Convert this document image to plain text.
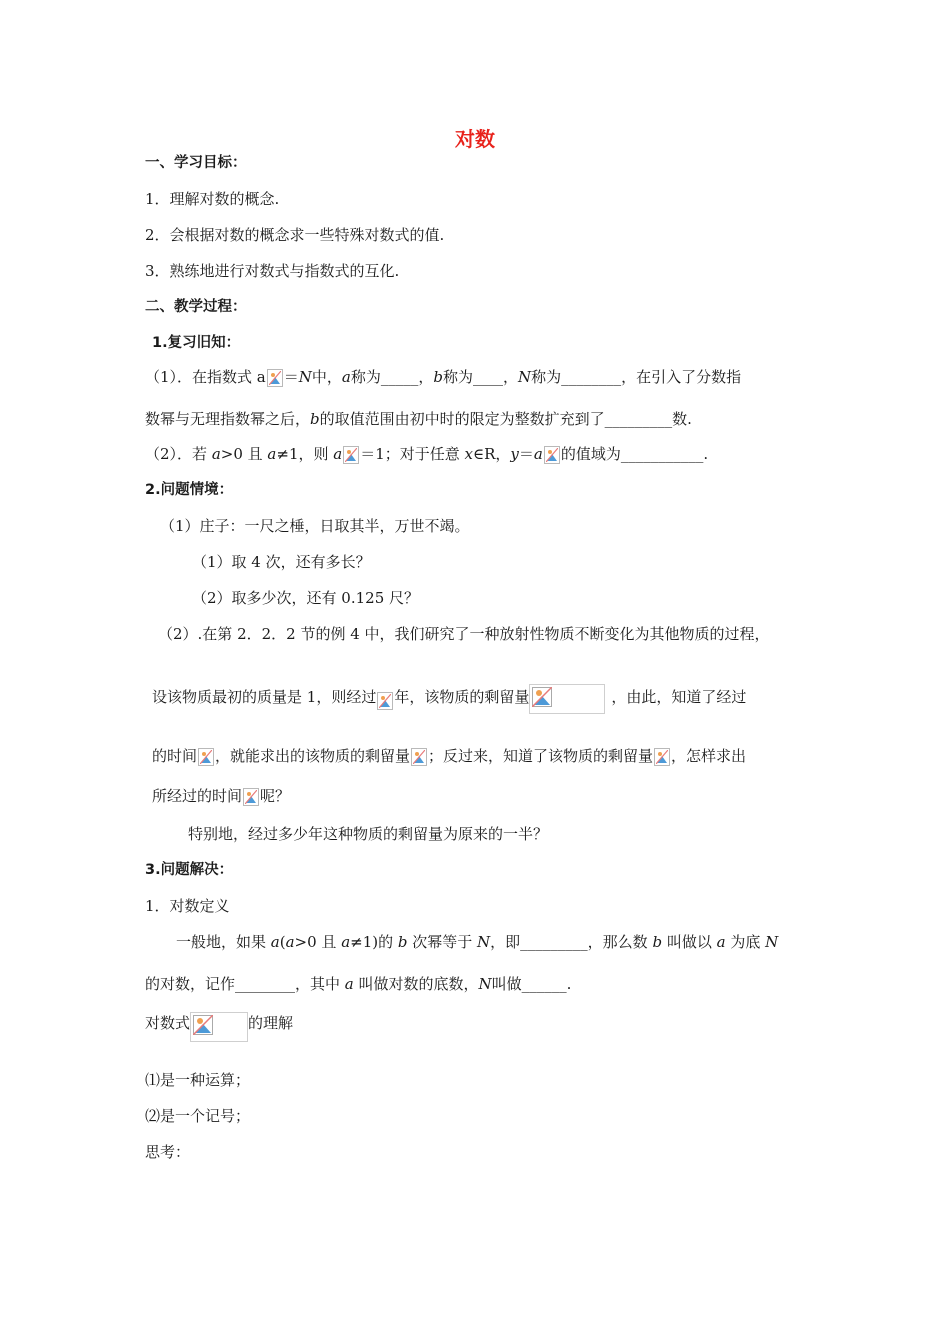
对数
一、学习目标：
1．理解对数的概念.
2．会根据对数的概念求一些特殊对数式的值.
3．熟练地进行对数式与指数式的互化.
二、教学过程：
1.复习旧知：
（1）．在指数式 a ＝N中，a称为_____，b称为____，N称为________，在引入了分数指
数幂与无理指数幂之后，b的取值范围由初中时的限定为整数扩充到了_________数.
（2）．若 a>0 且 a≠1，则 a ＝1；对于任意 x∈R，y＝a 的值域为___________.
2.问题情境：
（1）庄子：一尺之棰，日取其半，万世不竭。
（1）取 4 次，还有多长？
（2）取多少次，还有 0.125 尺？
（2）.在第 2．2．2 节的例 4 中，我们研究了一种放射性物质不断变化为其他物质的过程，
设该物质最初的质量是 1，则经过 年，该物质的剩留量	，由此，知道了经过
的时间 ，就能求出的该物质的剩留量 ；反过来，知道了该物质的剩留量 ，怎样求出
所经过的时间 呢？
特别地，经过多少年这种物质的剩留量为原来的一半？
3.问题解决：
1．对数定义
一般地，如果 a(a>0 且 a≠1)的 b 次幂等于 N，即_________，那么数 b 叫做以 a 为底 N
的对数，记作________，其中 a 叫做对数的底数，N叫做______.
对数式	的理解
⑴是一种运算；
⑵是一个记号；
思考：
